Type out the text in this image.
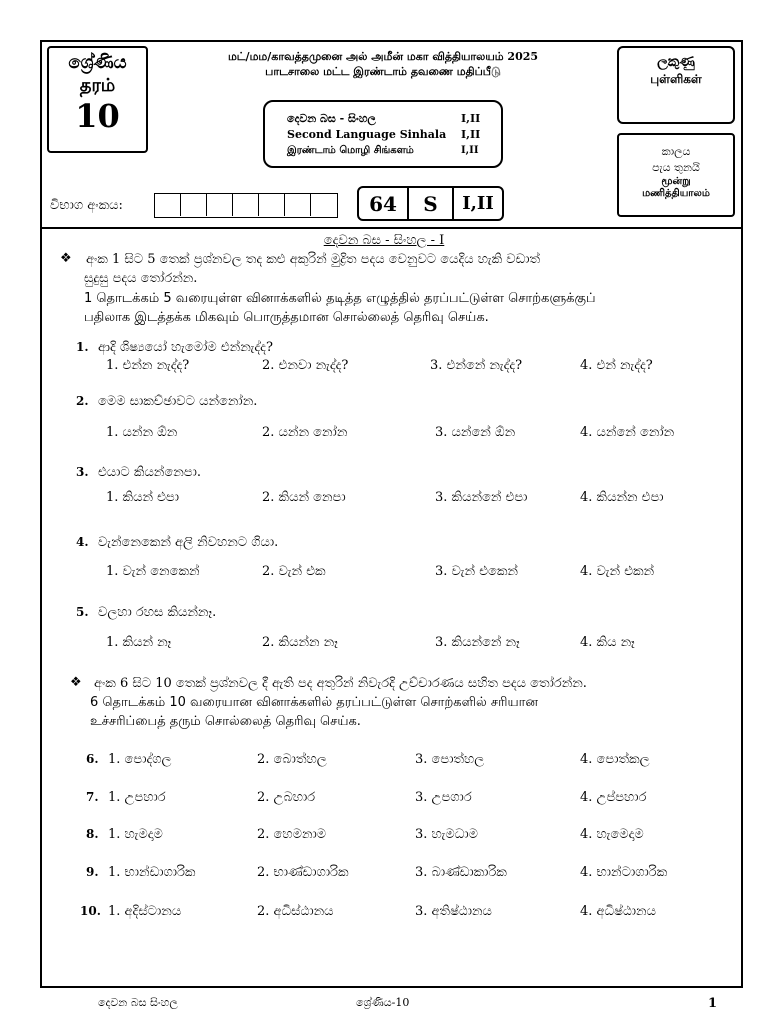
ශ්‍රේණිය
தரம்
10
மட்/மம/காவத்தமுனை அல் அமீன் மகா வித்தியாலயம் 2025
பாடசாலை மட்ட இரண்டாம் தவணை மதிப்பீடு
දෙවන බස - සිංහල	I,II
Second Language Sinhala I,II
இரண்டாம் மொழி சிங்களம்	I,II
ලකුණු
புள்ளிகள்
කාලය
පැය තුනයි
மூன்று
மணித்தியாலம்
විභාග අංකය:	64	S	I,II
දෙවන බස - සිංහල - I
❖ අංක 1 සිට 5 තෙක් ප්‍රශ්නවල තද කළු අකුරින් මුද්‍රිත පදය වෙනුවට යෙදිය හැකි වඩාත්
සුදුසු පදය තෝරන්න.
1 தொடக்கம் 5 வரையுள்ள வினாக்களில் தடித்த எழுத்தில் தரப்பட்டுள்ள சொற்களுக்குப்
பதிலாக இடத்தக்க மிகவும் பொருத்தமான சொல்லைத் தெரிவு செய்க.
1. ආදි ශිෂ්‍යයෝ හැමෝම එන්නැද්ද?
1. එන්න නැද්ද?	2. එනවා නැද්ද?	3. එන්නේ නැද්ද?	4. එන් නැද්ද?
2. මෙම සාකච්ඡාවට යන්නෝන.
1. යන්න ඕන	2. යන්න නෝන	3. යන්නේ ඕන	4. යන්නේ නෝන
3. එයාට කියන්නෙපා.
1. කියන් එපා	2. කියන් නෙපා	3. කියන්නේ එපා	4. කියන්න එපා
4. වැන්නෙකෙන් අලි නිවහනට ගියා.
1. වැන් නෙකෙන්	2. වැන් එක	3. වැන් එකෙන්	4. වැන් එකන්
5. වලහා රහස කියන්නෑ.
1. කියන් නෑ	2. කියන්න නෑ	3. කියන්නේ නෑ	4. කිය නෑ
❖ අංක 6 සිට 10 තෙක් ප්‍රශ්නවල දී ඇති පද අතුරින් නිවැරදි උච්චාරණය සහිත පදය තෝරන්න.
6 தொடக்கம் 10 வரையான வினாக்களில் தரப்பட்டுள்ள சொற்களில் சரியான
உச்சரிப்பைத் தரும் சொல்லைத் தெரிவு செய்க.
6. 1. පොද්ගල	2. බොත්හල	3. පොත්හල	4. පොත්කල
7. 1. උපහාර	2. උබහාර	3. උපගාර	4. උප්පහාර
8. 1. හැමදාම	2. හෙමනාම	3. හැමධාම	4. හැමෙදාම
9. 1. භාන්ඩාගාරික	2. භාණ්ඩාගාරික	3. බාණ්ඩාකාරික	4. භාන්ටාගාරික
10. 1. අදිස්ටානය	2. අධිස්ඨානය	3. අතිෂ්ඨානය	4. අධිෂ්ඨානය
දෙවන බස සිංහල	ශ්‍රේණිය-10	1
